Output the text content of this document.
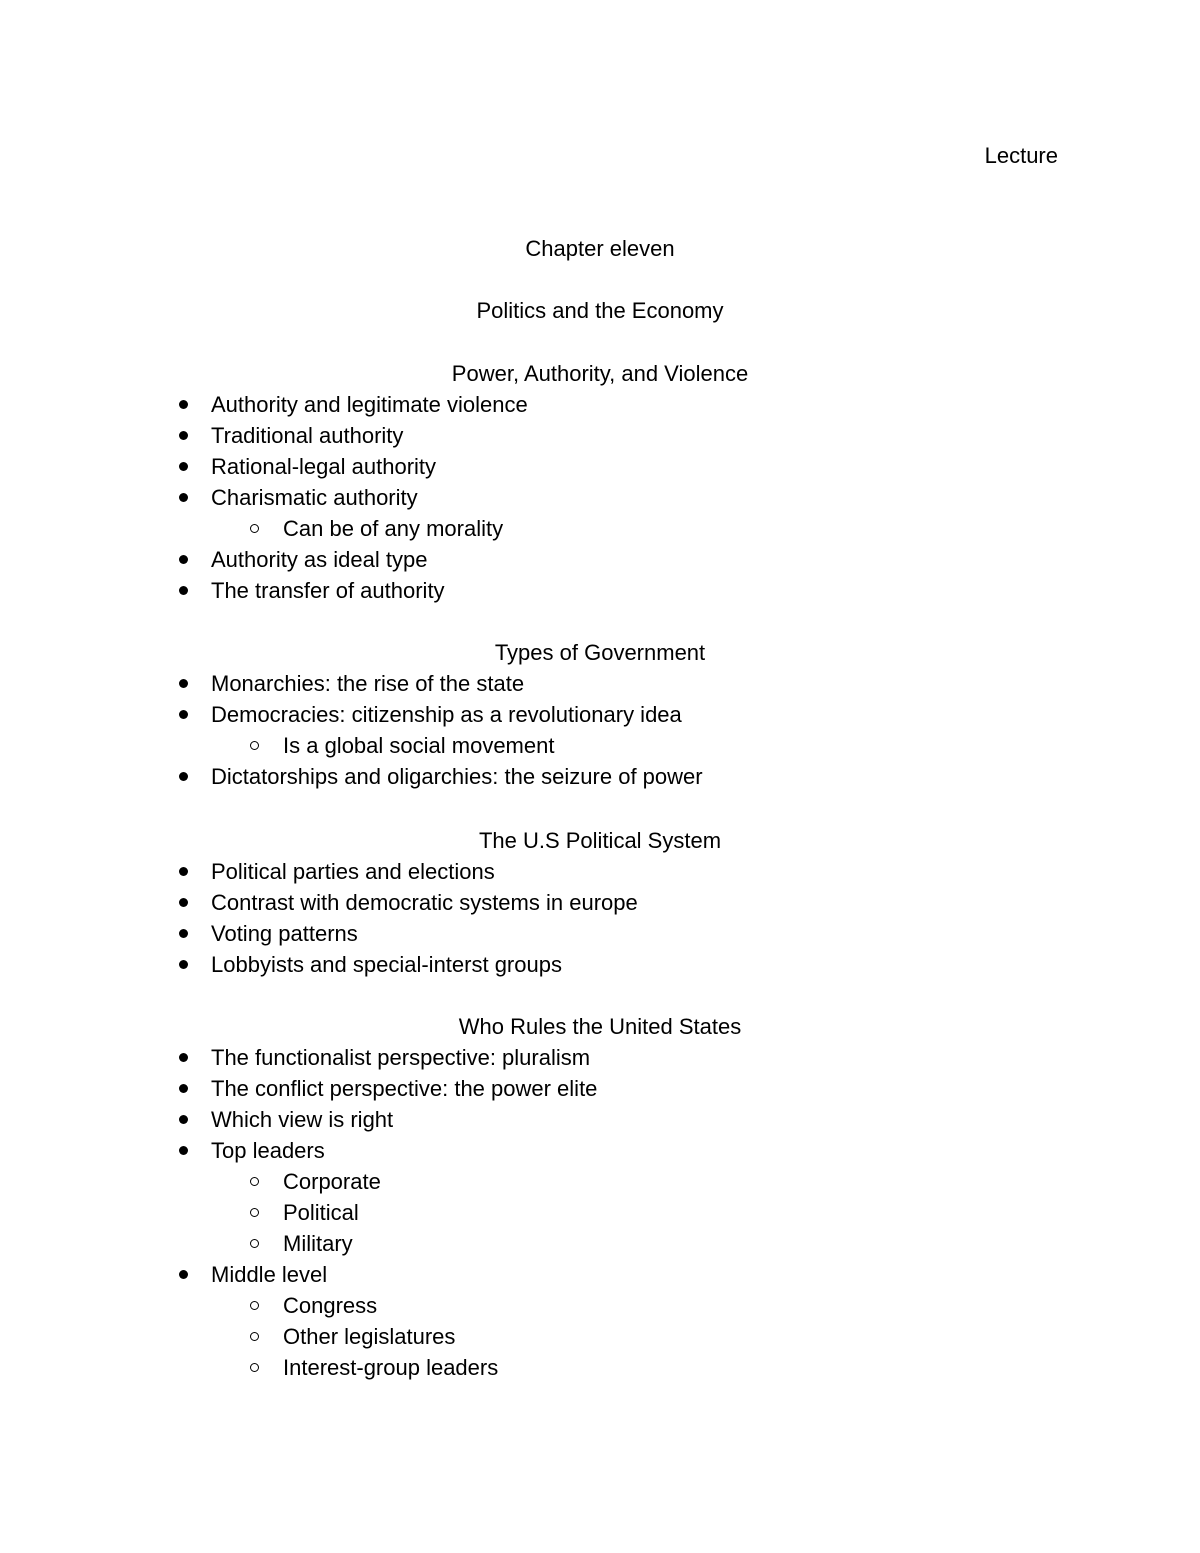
Lecture
Chapter eleven
Politics and the Economy
Power, Authority, and Violence
Authority and legitimate violence
Traditional authority
Rational-legal authority
Charismatic authority
Can be of any morality
Authority as ideal type
The transfer of authority
Types of Government
Monarchies: the rise of the state
Democracies: citizenship as a revolutionary idea
Is a global social movement
Dictatorships and oligarchies: the seizure of power
The U.S Political System
Political parties and elections
Contrast with democratic systems in europe
Voting patterns
Lobbyists and special-interst groups
Who Rules the United States
The functionalist perspective: pluralism
The conflict perspective: the power elite
Which view is right
Top leaders
Corporate
Political
Military
Middle level
Congress
Other legislatures
Interest-group leaders
